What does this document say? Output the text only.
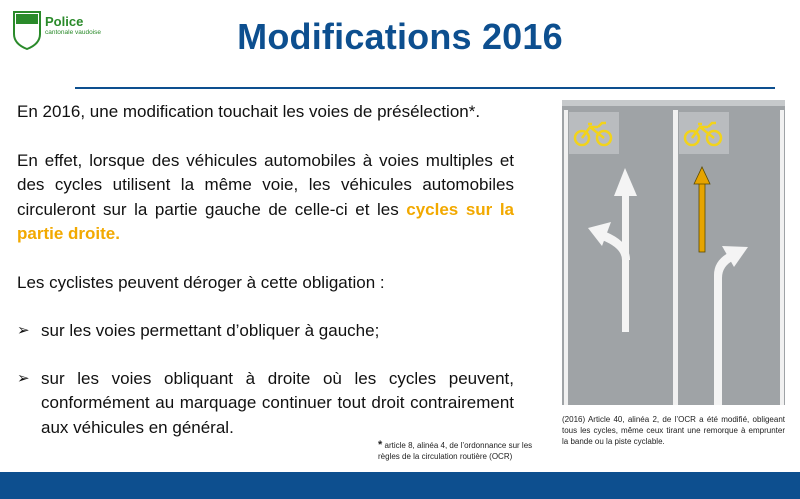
Police
cantonale vaudoise	Modifications 2016

En 2016, une modification touchait les voies de présélection*.

En effet, lorsque des véhicules automobiles à voies multiples et des cycles utilisent la même voie, les véhicules automobiles circuleront sur la partie gauche de celle-ci et les cycles sur la partie droite.

Les cyclistes peuvent déroger à cette obligation :

➢ sur les voies permettant d’obliquer à gauche;
➢ sur les voies obliquant à droite où les cycles peuvent, conformément au marquage continuer tout droit contrairement aux véhicules en général.
* article 8, alinéa 4, de l’ordonnance sur les règles de la circulation routière (OCR)
(2016) Article 40, alinéa 2, de l’OCR a été modifié, obligeant tous les cycles, même ceux tirant une remorque à emprunter la bande ou la piste cyclable.
